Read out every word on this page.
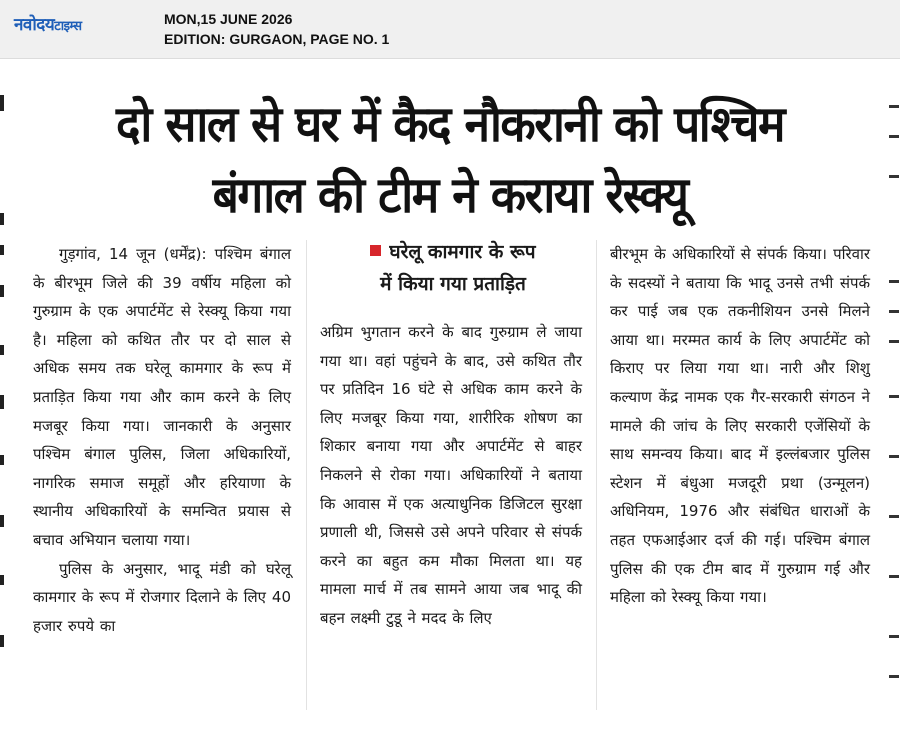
नवोदयटाइम्स	MON,15 JUNE 2026
EDITION: GURGAON, PAGE NO. 1
दो साल से घर में कैद नौकरानी को पश्चिम
बंगाल की टीम ने कराया रेस्क्यू

गुड़गांव, 14 जून (धर्मेंद्र): पश्चिम बंगाल के बीरभूम जिले की 39 वर्षीय महिला को गुरुग्राम के एक अपार्टमेंट से रेस्क्यू किया गया है। महिला को कथित तौर पर दो साल से अधिक समय तक घरेलू कामगार के रूप में प्रताड़ित किया गया और काम करने के लिए मजबूर किया गया। जानकारी के अनुसार पश्चिम बंगाल पुलिस, जिला अधिकारियों, नागरिक समाज समूहों और हरियाणा के स्थानीय अधिकारियों के समन्वित प्रयास से बचाव अभियान चलाया गया।

पुलिस के अनुसार, भादू मंडी को घरेलू कामगार के रूप में रोजगार दिलाने के लिए 40 हजार रुपये का

घरेलू कामगार के रूप
में किया गया प्रताड़ित

अग्रिम भुगतान करने के बाद गुरुग्राम ले जाया गया था। वहां पहुंचने के बाद, उसे कथित तौर पर प्रतिदिन 16 घंटे से अधिक काम करने के लिए मजबूर किया गया, शारीरिक शोषण का शिकार बनाया गया और अपार्टमेंट से बाहर निकलने से रोका गया। अधिकारियों ने बताया कि आवास में एक अत्याधुनिक डिजिटल सुरक्षा प्रणाली थी, जिससे उसे अपने परिवार से संपर्क करने का बहुत कम मौका मिलता था। यह मामला मार्च में तब सामने आया जब भादू की बहन लक्ष्मी टुडू ने मदद के लिए

बीरभूम के अधिकारियों से संपर्क किया। परिवार के सदस्यों ने बताया कि भादू उनसे तभी संपर्क कर पाई जब एक तकनीशियन उनसे मिलने आया था। मरम्मत कार्य के लिए अपार्टमेंट को किराए पर लिया गया था। नारी और शिशु कल्याण केंद्र नामक एक गैर-सरकारी संगठन ने मामले की जांच के लिए सरकारी एजेंसियों के साथ समन्वय किया। बाद में इल्लंबजार पुलिस स्टेशन में बंधुआ मजदूरी प्रथा (उन्मूलन) अधिनियम, 1976 और संबंधित धाराओं के तहत एफआईआर दर्ज की गई। पश्चिम बंगाल पुलिस की एक टीम बाद में गुरुग्राम गई और महिला को रेस्क्यू किया गया।
